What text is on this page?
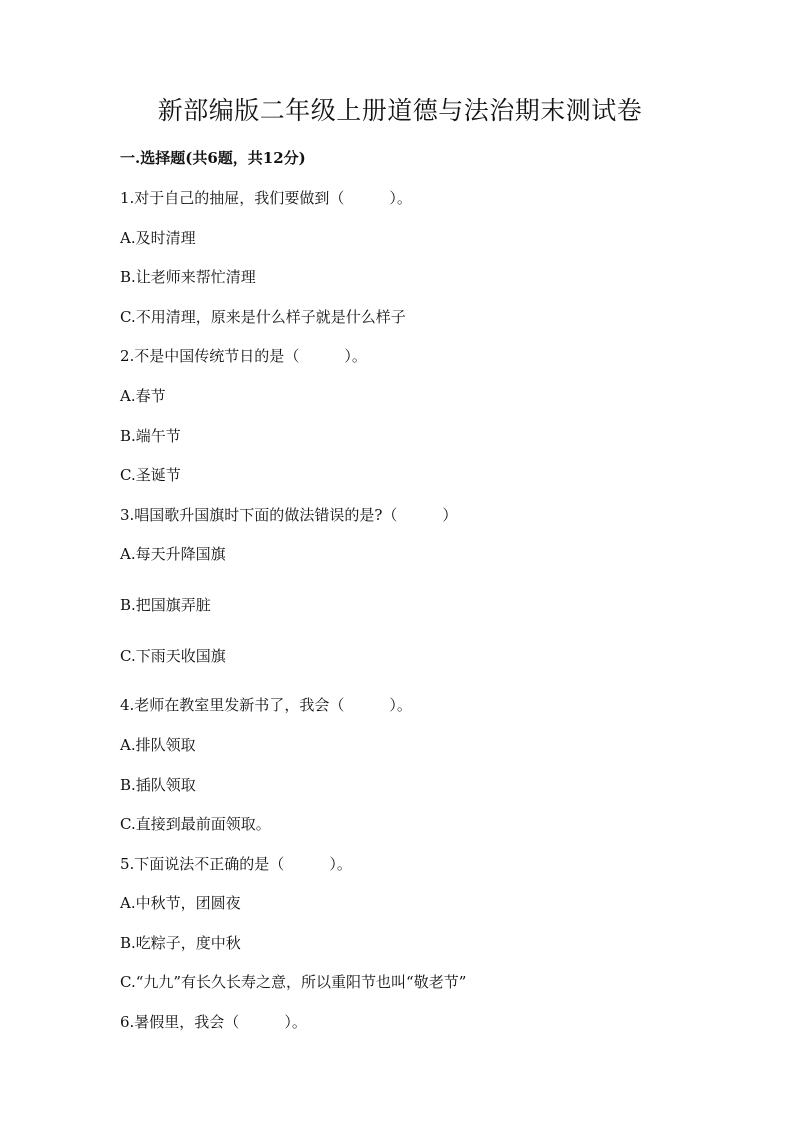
新部编版二年级上册道德与法治期末测试卷
一.选择题(共6题，共12分)
1.对于自己的抽屉，我们要做到（　　　）。
A.及时清理
B.让老师来帮忙清理
C.不用清理，原来是什么样子就是什么样子
2.不是中国传统节日的是（　　　）。
A.春节
B.端午节
C.圣诞节
3.唱国歌升国旗时下面的做法错误的是?（　　　）
A.每天升降国旗
B.把国旗弄脏
C.下雨天收国旗
4.老师在教室里发新书了，我会（　　　）。
A.排队领取
B.插队领取
C.直接到最前面领取。
5.下面说法不正确的是（　　　）。
A.中秋节，团圆夜
B.吃粽子，度中秋
C.“九九”有长久长寿之意，所以重阳节也叫“敬老节”
6.暑假里，我会（　　　）。
